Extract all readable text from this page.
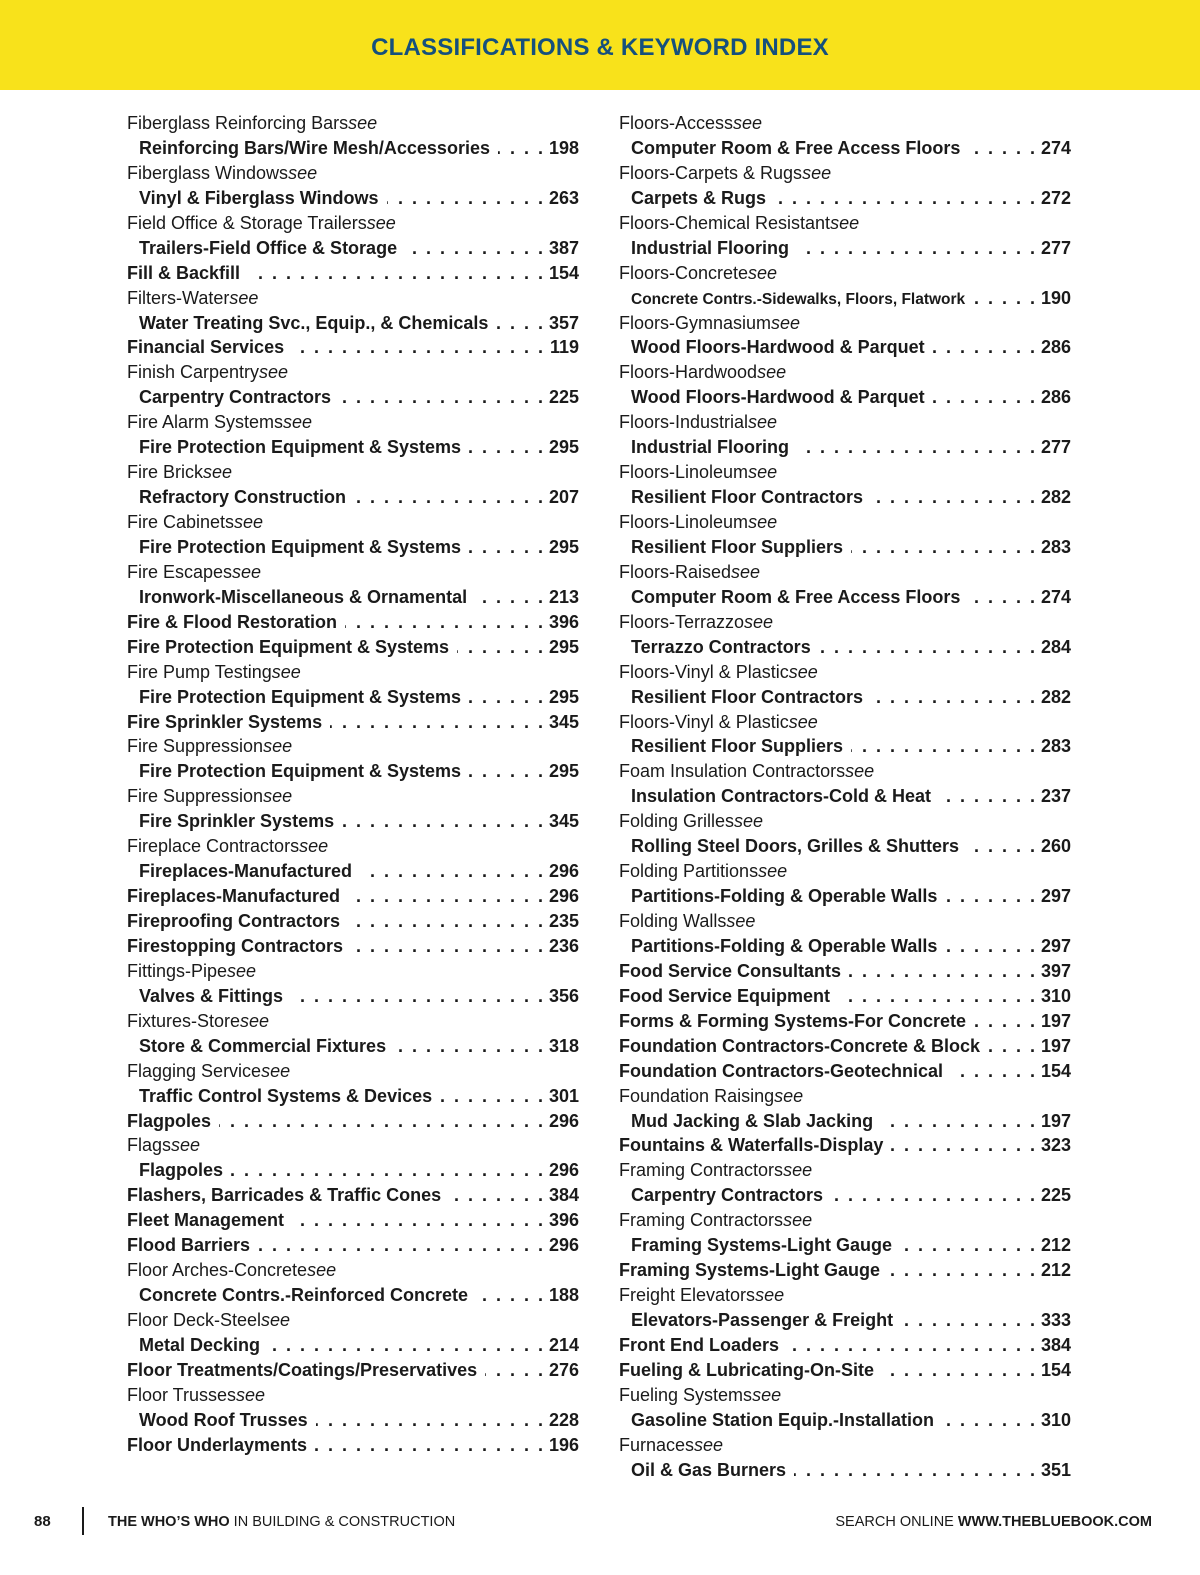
CLASSIFICATIONS & KEYWORD INDEX
Fiberglass Reinforcing Bars see
Reinforcing Bars/Wire Mesh/Accessories . . .	198
Fiberglass Windows see
Vinyl & Fiberglass Windows . . .	263
Field Office & Storage Trailers see
Trailers-Field Office & Storage . . .	387
Fill & Backfill . . .	154
Filters-Water see
Water Treating Svc., Equip., & Chemicals . . .	357
Financial Services . . .	119
Finish Carpentry see
Carpentry Contractors . . .	225
Fire Alarm Systems see
Fire Protection Equipment & Systems . . .	295
Fire Brick see
Refractory Construction . . .	207
Fire Cabinets see
Fire Protection Equipment & Systems . . .	295
Fire Escapes see
Ironwork-Miscellaneous & Ornamental . . .	213
Fire & Flood Restoration . . .	396
Fire Protection Equipment & Systems . . .	295
Fire Pump Testing see
Fire Protection Equipment & Systems . . .	295
Fire Sprinkler Systems . . .	345
Fire Suppression see
Fire Protection Equipment & Systems . . .	295
Fire Suppression see
Fire Sprinkler Systems . . .	345
Fireplace Contractors see
Fireplaces-Manufactured . . .	296
Fireplaces-Manufactured . . .	296
Fireproofing Contractors . . .	235
Firestopping Contractors . . .	236
Fittings-Pipe see
Valves & Fittings . . .	356
Fixtures-Store see
Store & Commercial Fixtures . . .	318
Flagging Service see
Traffic Control Systems & Devices . . .	301
Flagpoles . . .	296
Flags see
Flagpoles . . .	296
Flashers, Barricades & Traffic Cones . . .	384
Fleet Management . . .	396
Flood Barriers . . .	296
Floor Arches-Concrete see
Concrete Contrs.-Reinforced Concrete . . .	188
Floor Deck-Steel see
Metal Decking . . .	214
Floor Treatments/Coatings/Preservatives . . .	276
Floor Trusses see
Wood Roof Trusses . . .	228
Floor Underlayments . . .	196
Floors-Access see
Computer Room & Free Access Floors . . .	274
Floors-Carpets & Rugs see
Carpets & Rugs . . .	272
Floors-Chemical Resistant see
Industrial Flooring . . .	277
Floors-Concrete see
Concrete Contrs.-Sidewalks, Floors, Flatwork . . .	190
Floors-Gymnasium see
Wood Floors-Hardwood & Parquet . . .	286
Floors-Hardwood see
Wood Floors-Hardwood & Parquet . . .	286
Floors-Industrial see
Industrial Flooring . . .	277
Floors-Linoleum see
Resilient Floor Contractors . . .	282
Floors-Linoleum see
Resilient Floor Suppliers . . .	283
Floors-Raised see
Computer Room & Free Access Floors . . .	274
Floors-Terrazzo see
Terrazzo Contractors . . .	284
Floors-Vinyl & Plastic see
Resilient Floor Contractors . . .	282
Floors-Vinyl & Plastic see
Resilient Floor Suppliers . . .	283
Foam Insulation Contractors see
Insulation Contractors-Cold & Heat . . .	237
Folding Grilles see
Rolling Steel Doors, Grilles & Shutters . . .	260
Folding Partitions see
Partitions-Folding & Operable Walls . . .	297
Folding Walls see
Partitions-Folding & Operable Walls . . .	297
Food Service Consultants . . .	397
Food Service Equipment . . .	310
Forms & Forming Systems-For Concrete . . .	197
Foundation Contractors-Concrete & Block . . .	197
Foundation Contractors-Geotechnical . . .	154
Foundation Raising see
Mud Jacking & Slab Jacking . . .	197
Fountains & Waterfalls-Display . . .	323
Framing Contractors see
Carpentry Contractors . . .	225
Framing Contractors see
Framing Systems-Light Gauge . . .	212
Framing Systems-Light Gauge . . .	212
Freight Elevators see
Elevators-Passenger & Freight . . .	333
Front End Loaders . . .	384
Fueling & Lubricating-On-Site . . .	154
Fueling Systems see
Gasoline Station Equip.-Installation . . .	310
Furnaces see
Oil & Gas Burners . . .	351
88	THE WHO’S WHO IN BUILDING & CONSTRUCTION	SEARCH ONLINE WWW.THEBLUEBOOK.COM
